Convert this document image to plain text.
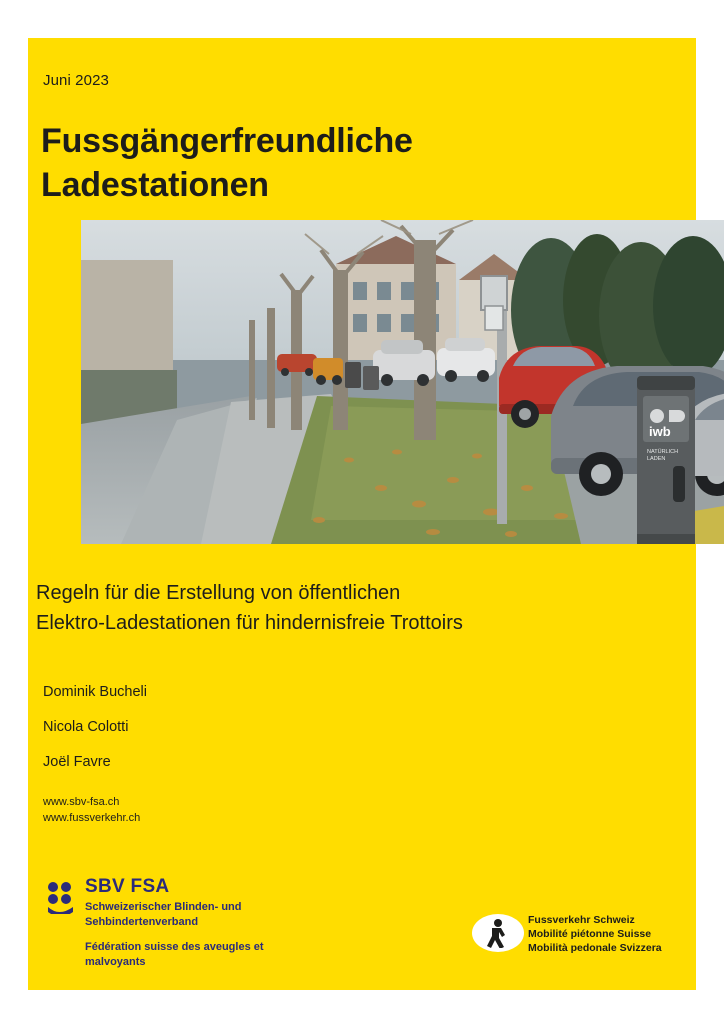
Juni 2023
Fussgängerfreundliche
Ladestationen
iwb
NATÜRLICH
LADEN
Regeln für die Erstellung von öffentlichen
Elektro-Ladestationen für hindernisfreie Trottoirs
Dominik Bucheli
Nicola Colotti
Joël Favre
www.sbv-fsa.ch
www.fussverkehr.ch
SBV FSA
Schweizerischer Blinden- und Sehbindertenverband
Fédération suisse des aveugles et malvoyants
Fussverkehr Schweiz
Mobilité piétonne Suisse
Mobilità pedonale Svizzera
